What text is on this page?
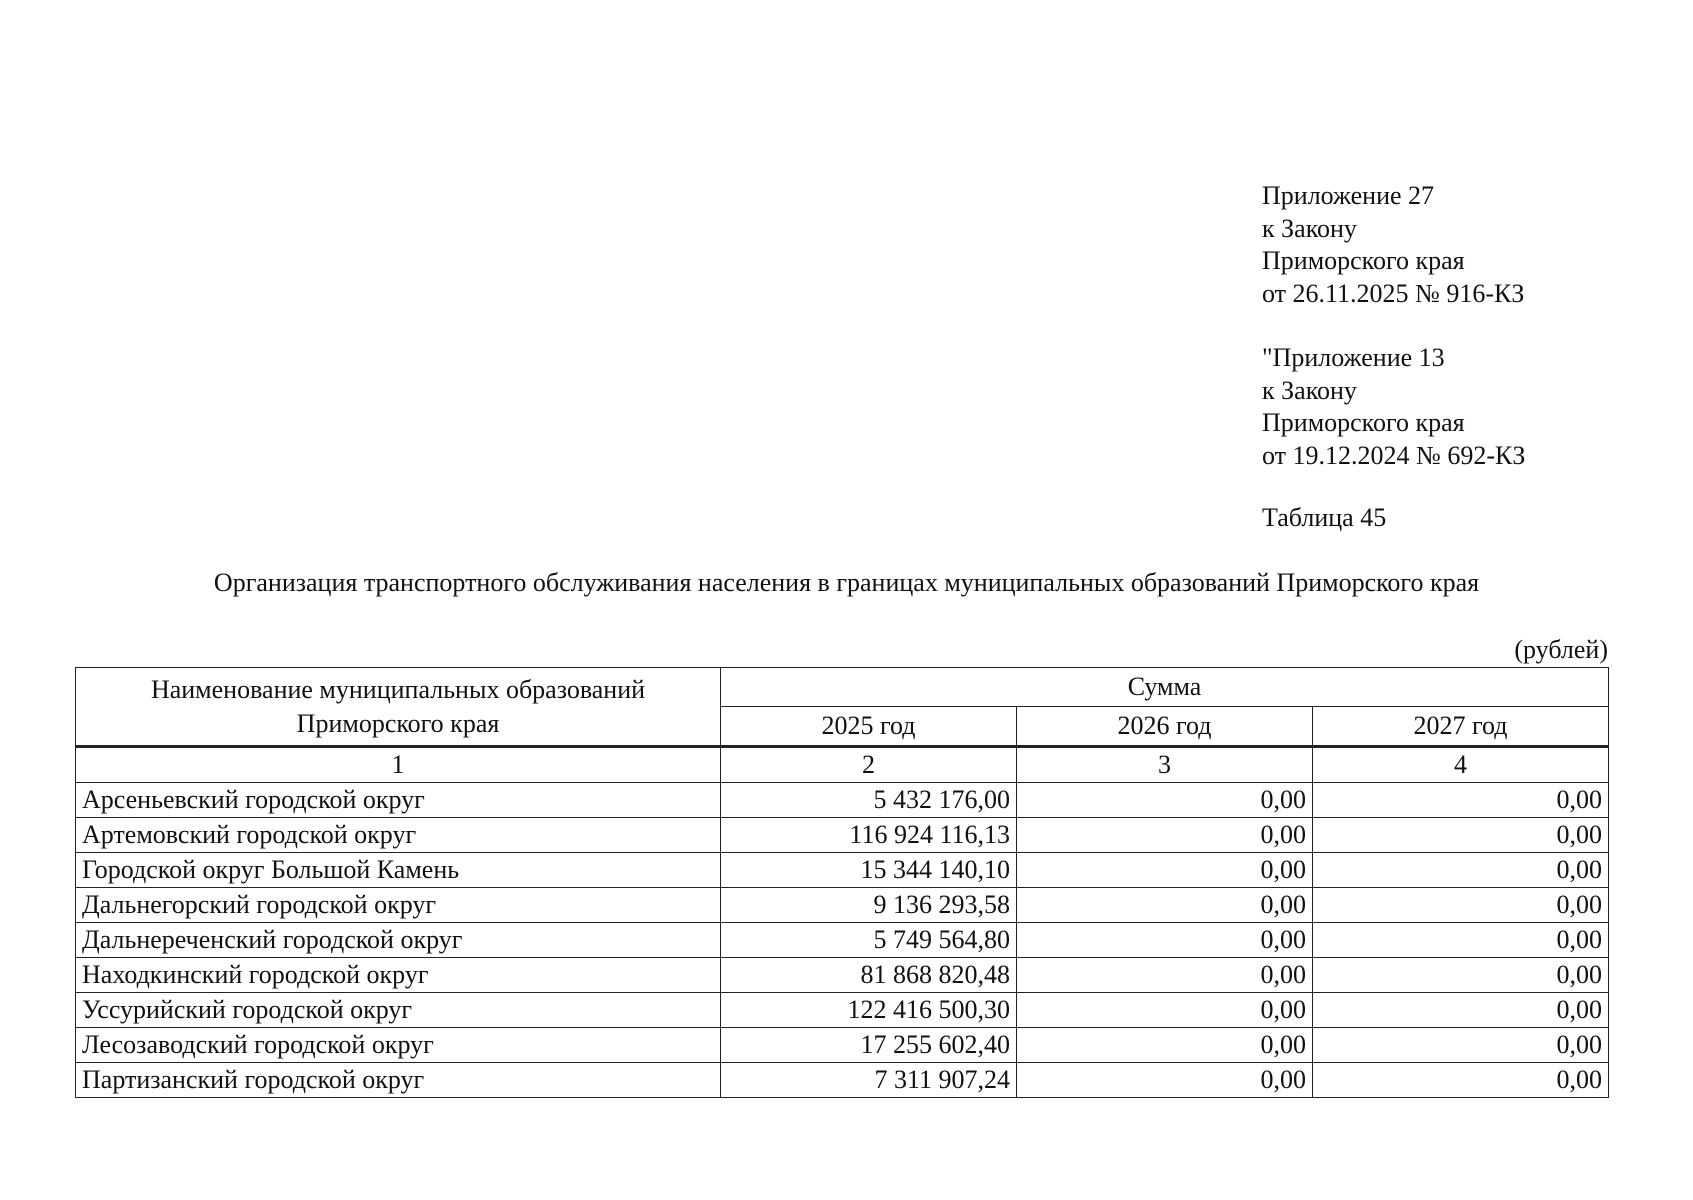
Приложение 27
к Закону
Приморского края
от 26.11.2025 № 916-КЗ
"Приложение 13
к Закону
Приморского края
от 19.12.2024 № 692-КЗ
Таблица 45
Организация транспортного обслуживания населения в границах муниципальных образований Приморского края
(рублей)
Наименование муниципальных образований Приморского края	Сумма		
	2025 год	2026 год	2027 год
1	2	3	4
Арсеньевский городской округ	5 432 176,00	0,00	0,00
Артемовский городской округ	116 924 116,13	0,00	0,00
Городской округ Большой Камень	15 344 140,10	0,00	0,00
Дальнегорский городской округ	9 136 293,58	0,00	0,00
Дальнереченский городской округ	5 749 564,80	0,00	0,00
Находкинский городской округ	81 868 820,48	0,00	0,00
Уссурийский городской округ	122 416 500,30	0,00	0,00
Лесозаводский городской округ	17 255 602,40	0,00	0,00
Партизанский городской округ	7 311 907,24	0,00	0,00
